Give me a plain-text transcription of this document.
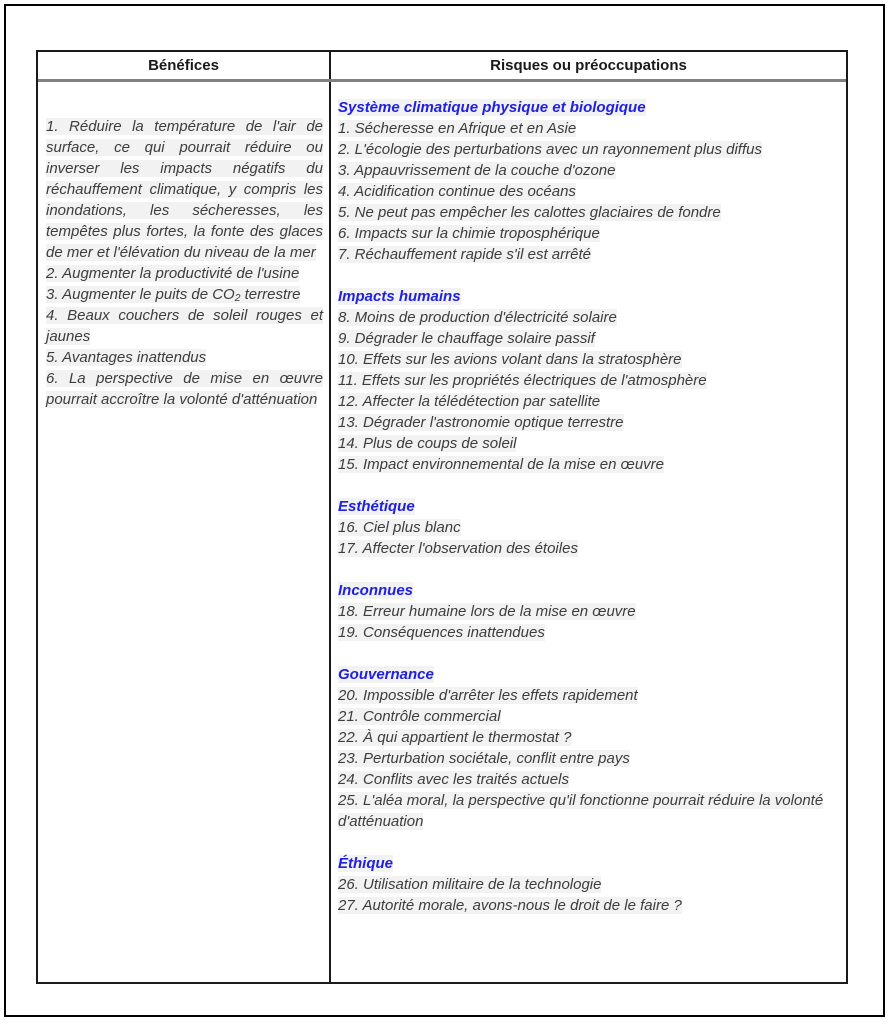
Bénéfices	Risques ou préoccupations

1. Réduire la température de l'air de surface, ce qui pourrait réduire ou inverser les impacts négatifs du réchauffement climatique, y compris les inondations, les sécheresses, les tempêtes plus fortes, la fonte des glaces de mer et l'élévation du niveau de la mer

2. Augmenter la productivité de l'usine

3. Augmenter le puits de CO₂ terrestre

4. Beaux couchers de soleil rouges et jaunes

5. Avantages inattendus

6. La perspective de mise en œuvre pourrait accroître la volonté d'atténuation

Système climatique physique et biologique

1. Sécheresse en Afrique et en Asie

2. L'écologie des perturbations avec un rayonnement plus diffus

3. Appauvrissement de la couche d'ozone

4. Acidification continue des océans

5. Ne peut pas empêcher les calottes glaciaires de fondre

6. Impacts sur la chimie troposphérique

7. Réchauffement rapide s'il est arrêté

Impacts humains

8. Moins de production d'électricité solaire

9. Dégrader le chauffage solaire passif

10. Effets sur les avions volant dans la stratosphère

11. Effets sur les propriétés électriques de l'atmosphère

12. Affecter la télédétection par satellite

13. Dégrader l'astronomie optique terrestre

14. Plus de coups de soleil

15. Impact environnemental de la mise en œuvre

Esthétique

16. Ciel plus blanc

17. Affecter l'observation des étoiles

Inconnues

18. Erreur humaine lors de la mise en œuvre

19. Conséquences inattendues

Gouvernance

20. Impossible d'arrêter les effets rapidement

21. Contrôle commercial

22. À qui appartient le thermostat ?

23. Perturbation sociétale, conflit entre pays

24. Conflits avec les traités actuels

25. L'aléa moral, la perspective qu'il fonctionne pourrait réduire la volonté d'atténuation

Éthique

26. Utilisation militaire de la technologie

27. Autorité morale, avons-nous le droit de le faire ?
